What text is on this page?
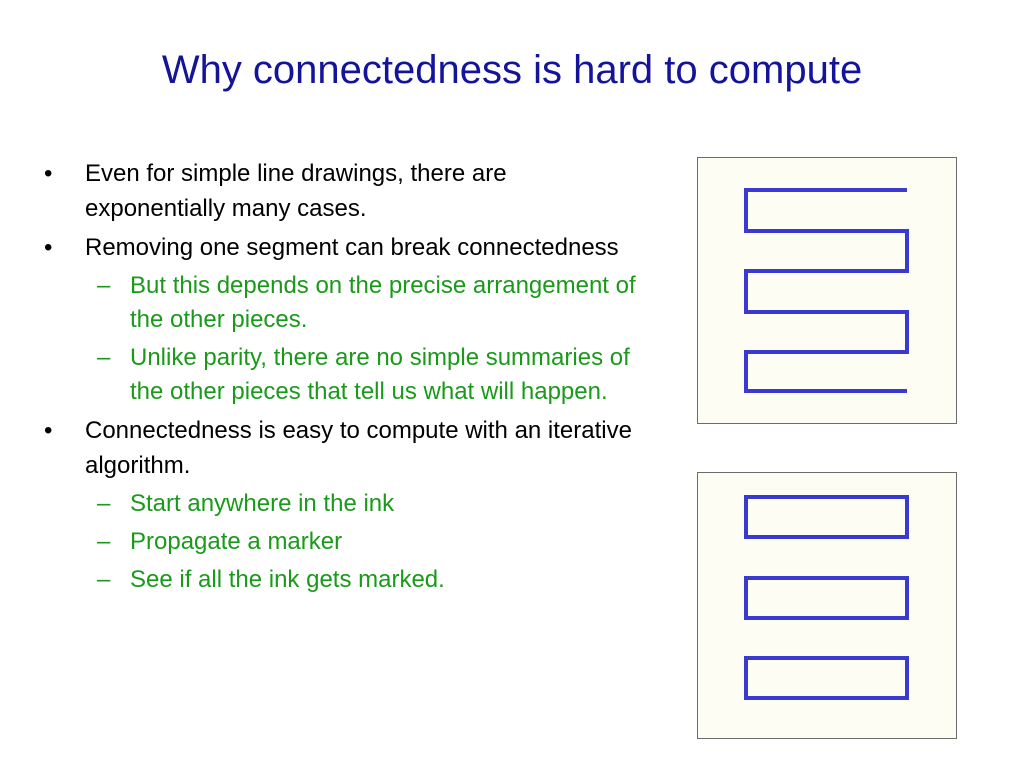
Why connectedness is hard to compute
• Even for simple line drawings, there are exponentially many cases.
• Removing one segment can break connectedness
– But this depends on the precise arrangement of the other pieces.
– Unlike parity, there are no simple summaries of the other pieces that tell us what will happen.
• Connectedness is easy to compute with an iterative algorithm.
– Start anywhere in the ink
– Propagate a marker
– See if all the ink gets marked.
